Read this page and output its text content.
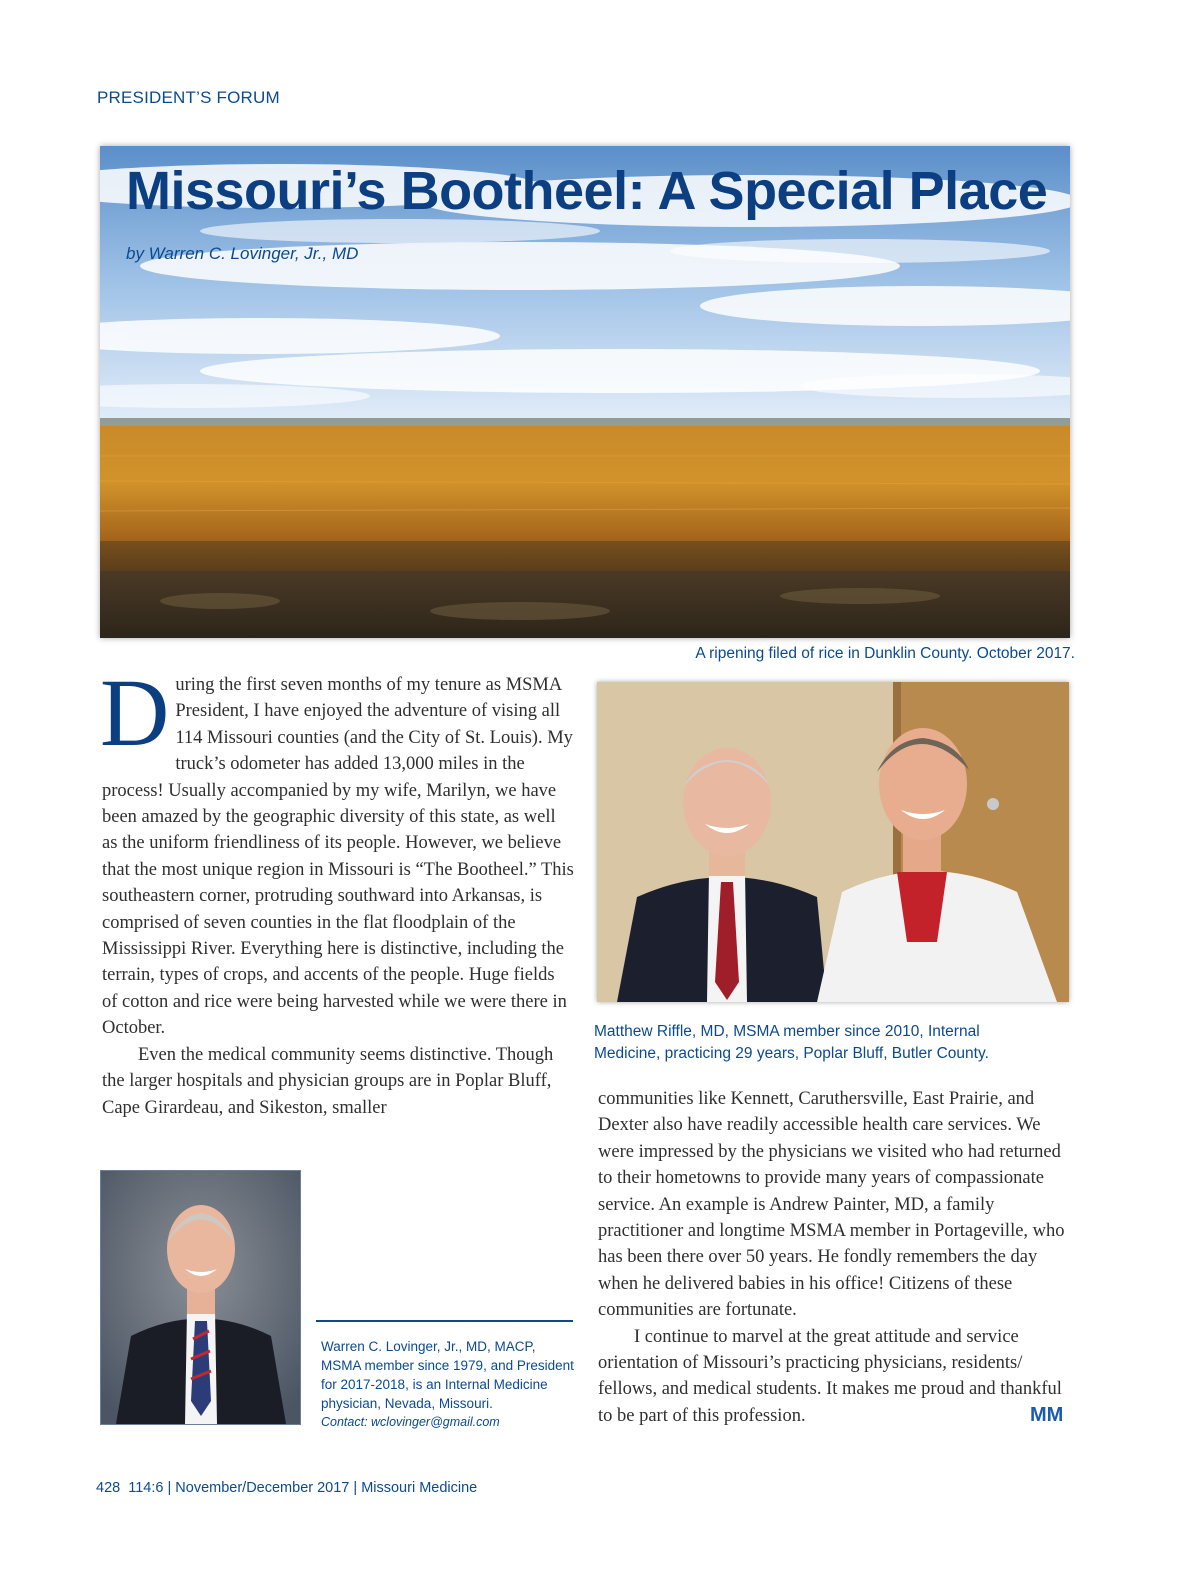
PRESIDENT’S FORUM
Missouri’s Bootheel: A Special Place
by Warren C. Lovinger, Jr., MD
A ripening filed of rice in Dunklin County. October 2017.

During the first seven months of my tenure as MSMA President, I have enjoyed the adventure of vising all 114 Missouri counties (and the City of St. Louis). My truck’s odometer has added 13,000 miles in the process! Usually accompanied by my wife, Marilyn, we have been amazed by the geographic diversity of this state, as well as the uniform friendliness of its people. However, we believe that the most unique region in Missouri is “The Bootheel.” This southeastern corner, protruding southward into Arkansas, is comprised of seven counties in the flat floodplain of the Mississippi River. Everything here is distinctive, including the terrain, types of crops, and accents of the people. Huge fields of cotton and rice were being harvested while we were there in October.

Even the medical community seems distinctive. Though the larger hospitals and physician groups are in Poplar Bluff, Cape Girardeau, and Sikeston, smaller

Matthew Riffle, MD, MSMA member since 2010, Internal Medicine, practicing 29 years, Poplar Bluff, Butler County.

communities like Kennett, Caruthersville, East Prairie, and Dexter also have readily accessible health care services. We were impressed by the physicians we visited who had returned to their hometowns to provide many years of compassionate service. An example is Andrew Painter, MD, a family practitioner and longtime MSMA member in Portageville, who has been there over 50 years. He fondly remembers the day when he delivered babies in his office! Citizens of these communities are fortunate.

I continue to marvel at the great attitude and service orientation of Missouri’s practicing physicians, residents/ fellows, and medical students. It makes me proud and thankful to be part of this profession.	MM
Warren C. Lovinger, Jr., MD, MACP, MSMA member since 1979, and President for 2017-2018, is an Internal Medicine physician, Nevada, Missouri.
Contact: wclovinger@gmail.com
428  114:6 | November/December 2017 | Missouri Medicine
